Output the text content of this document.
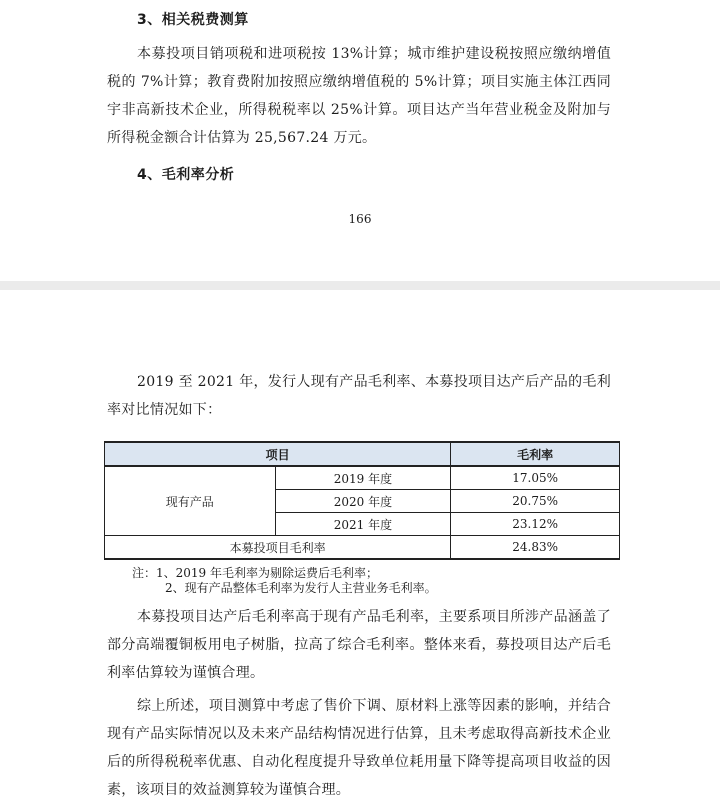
3、相关税费测算

本募投项目销项税和进项税按 13%计算；城市维护建设税按照应缴纳增值税的 7%计算；教育费附加按照应缴纳增值税的 5%计算；项目实施主体江西同宇非高新技术企业，所得税税率以 25%计算。项目达产当年营业税金及附加与所得税金额合计估算为 25,567.24 万元。

4、毛利率分析
166

2019 至 2021 年，发行人现有产品毛利率、本募投项目达产后产品的毛利率对比情况如下：

项目		毛利率
现有产品	2019 年度	17.05%
	2020 年度	20.75%
	2021 年度	23.12%
本募投项目毛利率		24.83%
注：1、2019 年毛利率为剔除运费后毛利率；
2、现有产品整体毛利率为发行人主营业务毛利率。

本募投项目达产后毛利率高于现有产品毛利率，主要系项目所涉产品涵盖了部分高端覆铜板用电子树脂，拉高了综合毛利率。整体来看，募投项目达产后毛利率估算较为谨慎合理。

综上所述，项目测算中考虑了售价下调、原材料上涨等因素的影响，并结合现有产品实际情况以及未来产品结构情况进行估算，且未考虑取得高新技术企业后的所得税税率优惠、自动化程度提升导致单位耗用量下降等提高项目收益的因素，该项目的效益测算较为谨慎合理。
